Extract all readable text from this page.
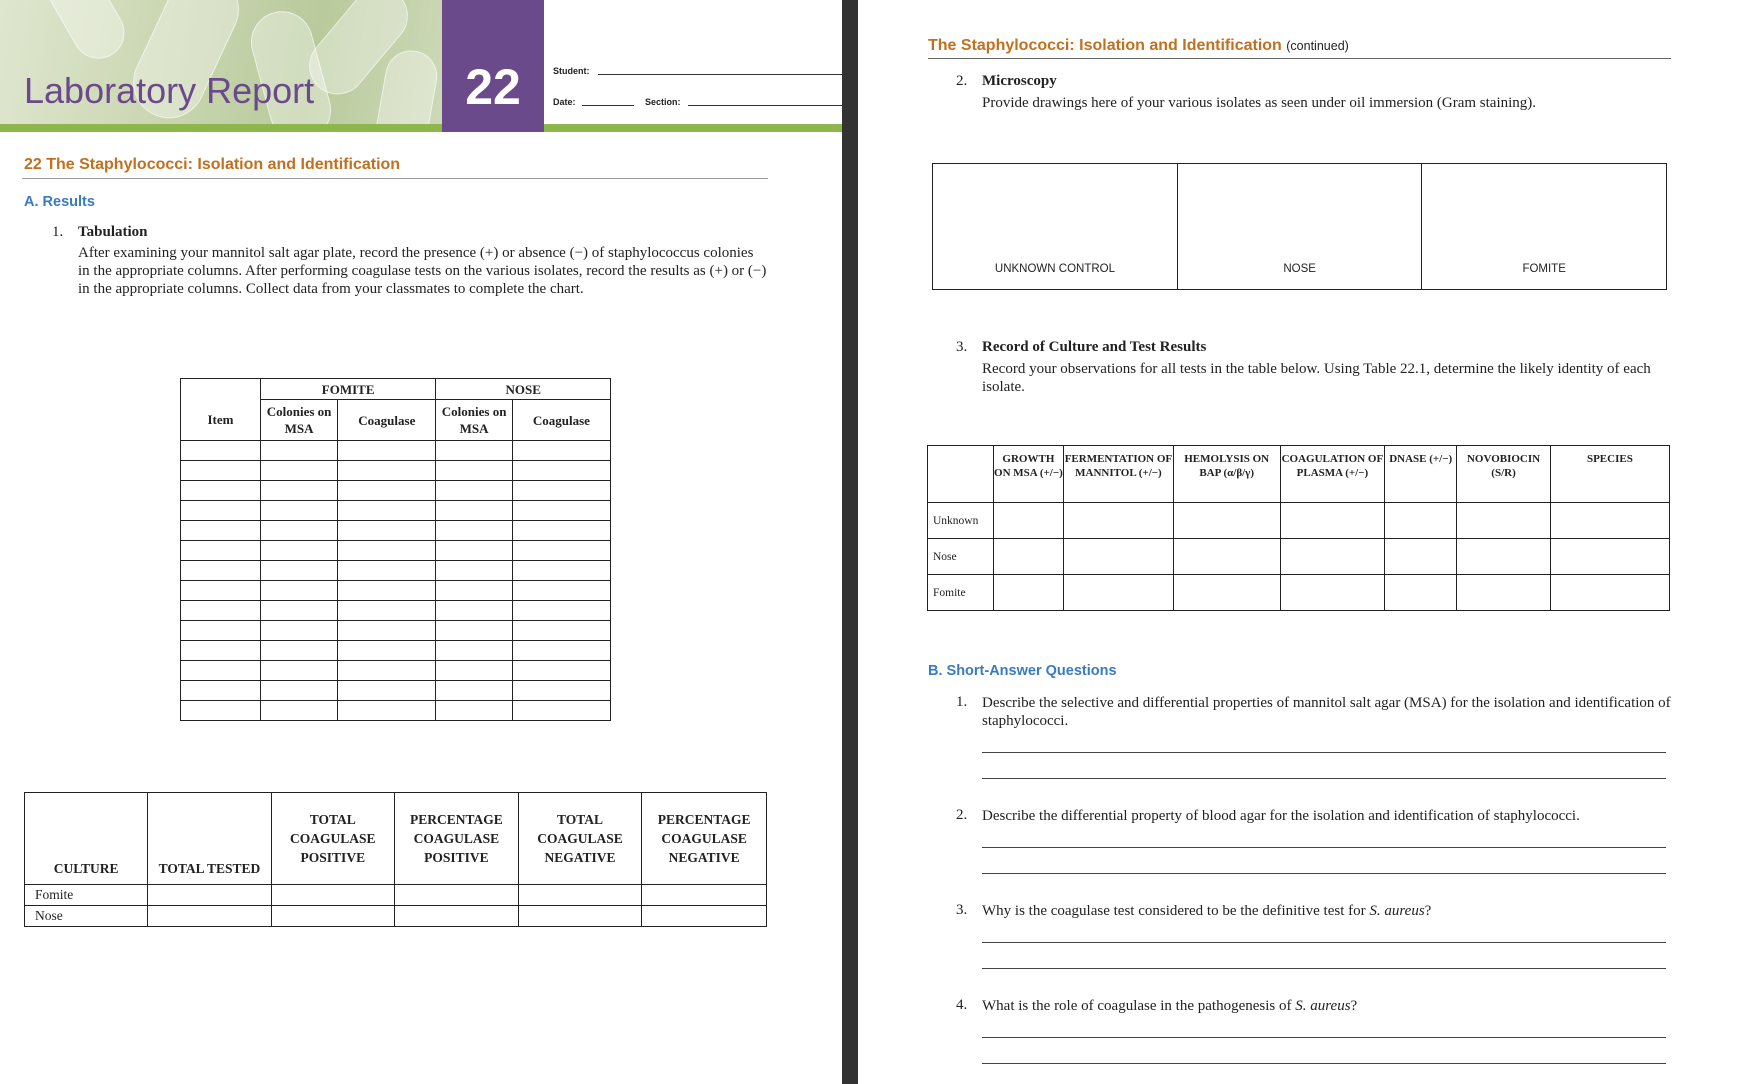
Laboratory Report	22	Student:
Date:	Section:
22 The Staphylococci: Isolation and Identification
A. Results
1. Tabulation
After examining your mannitol salt agar plate, record the presence (+) or absence (−) of staphylococcus colonies in the appropriate columns. After performing coagulase tests on the various isolates, record the results as (+) or (−) in the appropriate columns. Collect data from your classmates to complete the chart.
	FOMITE		NOSE	
Item	Colonies on MSA	Coagulase	Colonies on MSA	Coagulase

CULTURE	TOTAL TESTED	TOTAL COAGULASE POSITIVE	PERCENTAGE COAGULASE POSITIVE	TOTAL COAGULASE NEGATIVE	PERCENTAGE COAGULASE NEGATIVE
Fomite					
Nose					
The Staphylococci: Isolation and Identification (continued)
2. Microscopy
Provide drawings here of your various isolates as seen under oil immersion (Gram staining).
UNKNOWN CONTROL	NOSE	FOMITE
3. Record of Culture and Test Results
Record your observations for all tests in the table below. Using Table 22.1, determine the likely identity of each isolate.
	GROWTH ON MSA (+/−)	FERMENTATION OF MANNITOL (+/−)	HEMOLYSIS ON BAP (α/β/γ)	COAGULATION OF PLASMA (+/−)	DNASE (+/−)	NOVOBIOCIN (S/R)	SPECIES
Unknown							
Nose							
Fomite							
B. Short-Answer Questions
1. Describe the selective and differential properties of mannitol salt agar (MSA) for the isolation and identification of staphylococci.
2. Describe the differential property of blood agar for the isolation and identification of staphylococci.
3. Why is the coagulase test considered to be the definitive test for S. aureus?
4. What is the role of coagulase in the pathogenesis of S. aureus?
